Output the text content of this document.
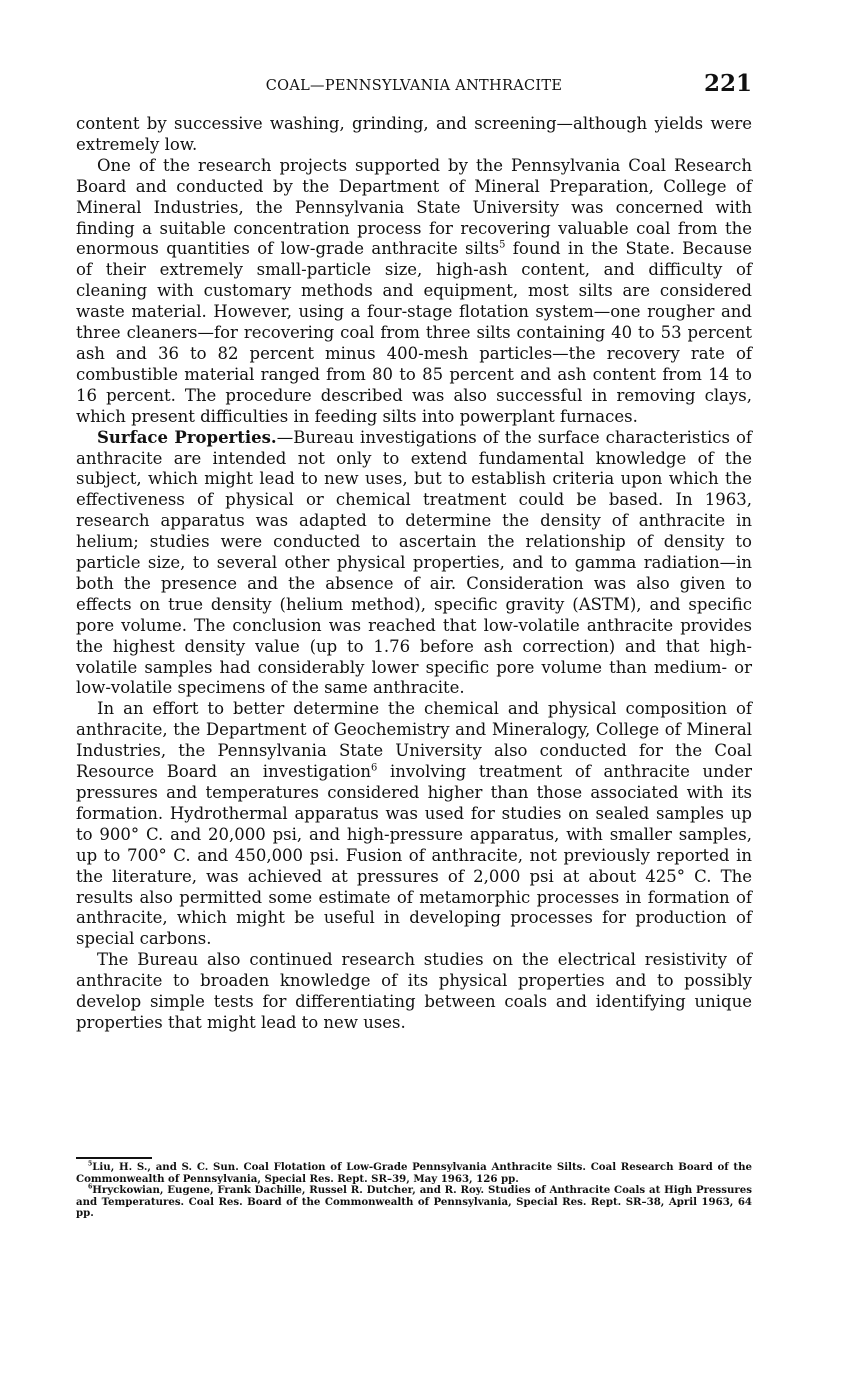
COAL—PENNSYLVANIA ANTHRACITE	221

content by successive washing, grinding, and screening—although yields were extremely low.

One of the research projects supported by the Pennsylvania Coal Research Board and conducted by the Department of Mineral Preparation, College of Mineral Industries, the Pennsylvania State University was concerned with finding a suitable concentration process for recovering valuable coal from the enormous quantities of low-grade anthracite silts$^5$ found in the State. Because of their extremely small-particle size, high-ash content, and difficulty of cleaning with customary methods and equipment, most silts are considered waste material. However, using a four-stage flotation system—one rougher and three cleaners—for recovering coal from three silts containing 40 to 53 percent ash and 36 to 82 percent minus 400-mesh particles—the recovery rate of combustible material ranged from 80 to 85 percent and ash content from 14 to 16 percent. The procedure described was also successful in removing clays, which present difficulties in feeding silts into powerplant furnaces.

Surface Properties.—Bureau investigations of the surface characteristics of anthracite are intended not only to extend fundamental knowledge of the subject, which might lead to new uses, but to establish criteria upon which the effectiveness of physical or chemical treatment could be based. In 1963, research apparatus was adapted to determine the density of anthracite in helium; studies were conducted to ascertain the relationship of density to particle size, to several other physical properties, and to gamma radiation—in both the presence and the absence of air. Consideration was also given to effects on true density (helium method), specific gravity (ASTM), and specific pore volume. The conclusion was reached that low-volatile anthracite provides the highest density value (up to 1.76 before ash correction) and that high-volatile samples had considerably lower specific pore volume than medium- or low-volatile specimens of the same anthracite.

In an effort to better determine the chemical and physical composition of anthracite, the Department of Geochemistry and Mineralogy, College of Mineral Industries, the Pennsylvania State University also conducted for the Coal Resource Board an investigation$^6$ involving treatment of anthracite under pressures and temperatures considered higher than those associated with its formation. Hydrothermal apparatus was used for studies on sealed samples up to 900° C. and 20,000 psi, and high-pressure apparatus, with smaller samples, up to 700° C. and 450,000 psi. Fusion of anthracite, not previously reported in the literature, was achieved at pressures of 2,000 psi at about 425° C. The results also permitted some estimate of metamorphic processes in formation of anthracite, which might be useful in developing processes for production of special carbons.

The Bureau also continued research studies on the electrical resistivity of anthracite to broaden knowledge of its physical properties and to possibly develop simple tests for differentiating between coals and identifying unique properties that might lead to new uses.

$^5$Liu, H. S., and S. C. Sun. Coal Flotation of Low-Grade Pennsylvania Anthracite Silts. Coal Research Board of the Commonwealth of Pennsylvania, Special Res. Rept. SR–39, May 1963, 126 pp.

$^6$Hryckowian, Eugene, Frank Dachille, Russel R. Dutcher, and R. Roy. Studies of Anthracite Coals at High Pressures and Temperatures. Coal Res. Board of the Commonwealth of Pennsylvania, Special Res. Rept. SR–38, April 1963, 64 pp.
